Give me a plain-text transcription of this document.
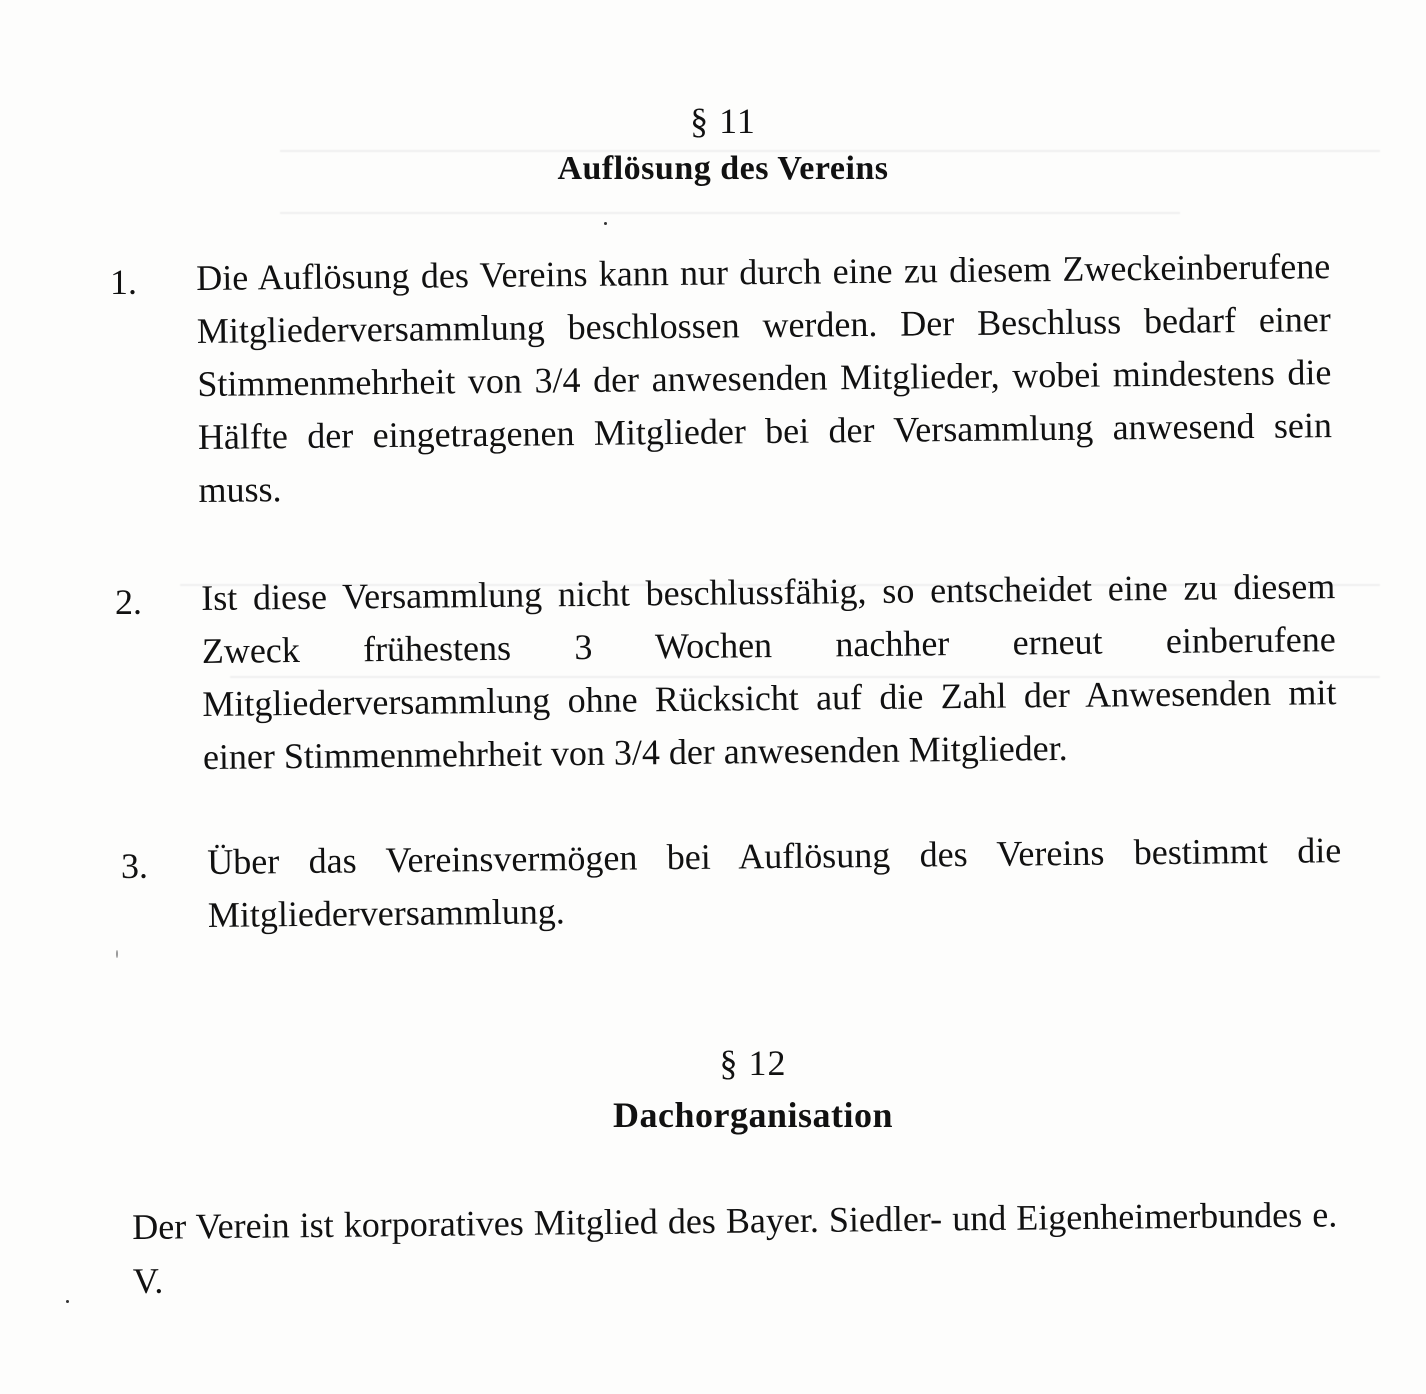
§ 11
Auflösung des Vereins
1.	Die Auflösung des Vereins kann nur durch eine zu diesem Zweckeinberufene Mitgliederversammlung beschlossen werden. Der Beschluss bedarf einer Stimmenmehrheit von 3/4 der anwesenden Mitglieder, wobei mindestens die Hälfte der eingetragenen Mitglieder bei der Versammlung anwesend sein muss.
2.	Ist diese Versammlung nicht beschlussfähig, so entscheidet eine zu diesem Zweck frühestens 3 Wochen nachher erneut einberufene Mitgliederversammlung ohne Rücksicht auf die Zahl der Anwesenden mit einer Stimmenmehrheit von 3/4 der anwesenden Mitglieder.
3.	Über das Vereinsvermögen bei Auflösung des Vereins bestimmt die Mitgliederversammlung.
§ 12
Dachorganisation
Der Verein ist korporatives Mitglied des Bayer. Siedler- und Eigenheimerbundes e. V.
